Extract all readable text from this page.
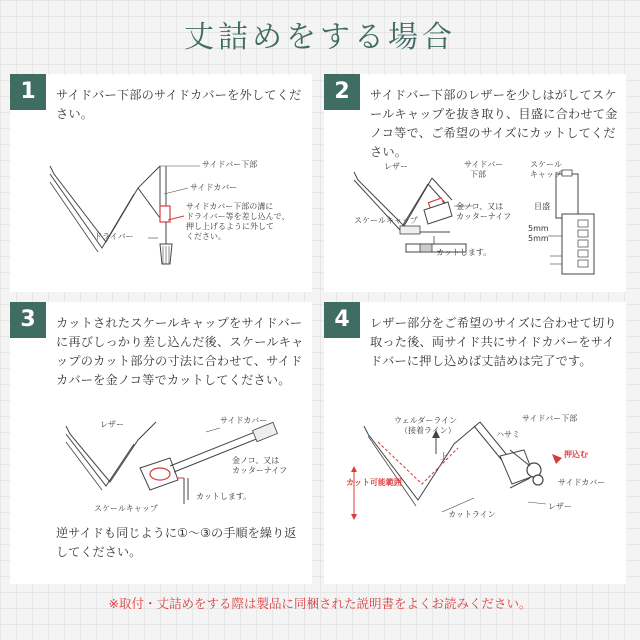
丈詰めをする場合
1	サイドバー下部のサイドカバーを外してください。
サイドバー下部
サイドカバー
サイドカバー下部の溝に
ドライバー等を差し込んで、
押し上げるように外して
ください。
ドライバー
2	サイドバー下部のレザーを少しはがしてスケールキャップを抜き取り、目盛に合わせて金ノコ等で、ご希望のサイズにカットしてください。
レザー	サイドバー
下部
スケール
キャップ
金ノコ、又は
カッターナイフ
スケールキャップ
目盛
カットします。
5mm
5mm
3	カットされたスケールキャップをサイドバーに再びしっかり差し込んだ後、スケールキャップのカット部分の寸法に合わせて、サイドカバーを金ノコ等でカットしてください。
レザー	サイドカバー
金ノコ、又は
カッターナイフ
カットします。
スケールキャップ
逆サイドも同じように①～③の手順を繰り返してください。
4	レザー部分をご希望のサイズに合わせて切り取った後、両サイド共にサイドカバーをサイドバーに押し込めば丈詰めは完了です。
ウェルダーライン
（接着ライン）	ハサミ
サイドバー下部
押込む
カット可能範囲
上
サイドカバー
カットライン
レザー
※取付・丈詰めをする際は製品に同梱された説明書をよくお読みください。
